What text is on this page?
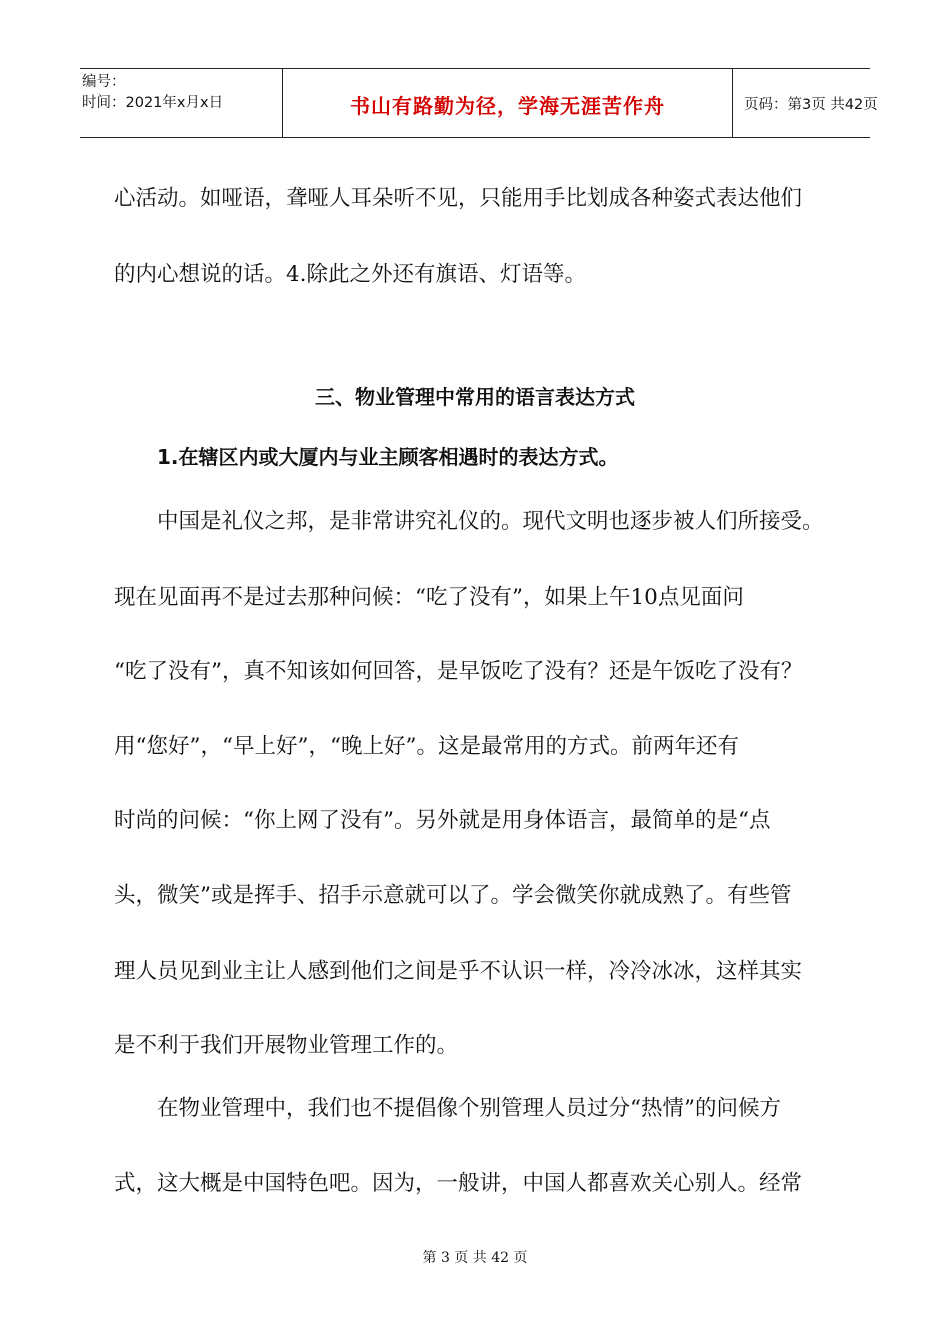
编号：
时间：2021年x月x日	书山有路勤为径，学海无涯苦作舟	页码：第3页 共42页
心活动。如哑语，聋哑人耳朵听不见，只能用手比划成各种姿式表达他们
的内心想说的话。4.除此之外还有旗语、灯语等。
三、物业管理中常用的语言表达方式
1.在辖区内或大厦内与业主顾客相遇时的表达方式。
中国是礼仪之邦，是非常讲究礼仪的。现代文明也逐步被人们所接受。
现在见面再不是过去那种问候：“吃了没有”，如果上午10点见面问
“吃了没有”，真不知该如何回答，是早饭吃了没有？还是午饭吃了没有？
用“您好”，“早上好”，“晚上好”。这是最常用的方式。前两年还有
时尚的问候：“你上网了没有”。另外就是用身体语言，最简单的是“点
头，微笑”或是挥手、招手示意就可以了。学会微笑你就成熟了。有些管
理人员见到业主让人感到他们之间是乎不认识一样，冷冷冰冰，这样其实
是不利于我们开展物业管理工作的。
在物业管理中，我们也不提倡像个别管理人员过分“热情”的问候方
式，这大概是中国特色吧。因为，一般讲，中国人都喜欢关心别人。经常
第 3 页 共 42 页
